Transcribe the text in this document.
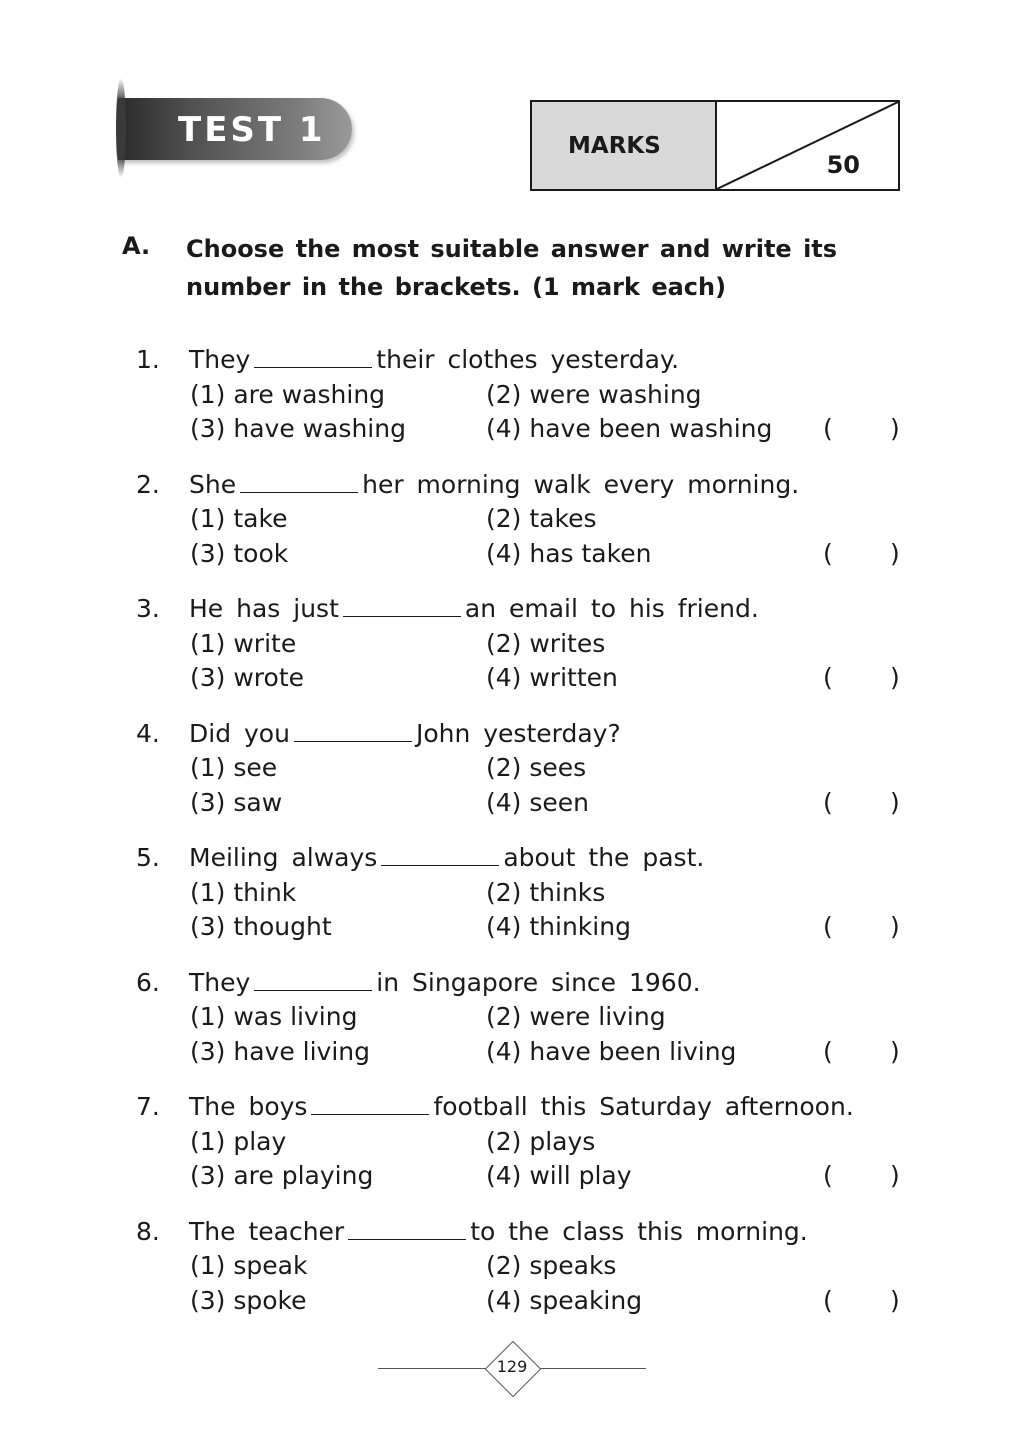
TEST 1	MARKS
50
A. Choose the most suitable answer and write its number in the brackets. (1 mark each)
1. They	their clothes yesterday.
(1) are washing	(2) were washing
(3) have washing	(4) have been washing ( )
2. She	her morning walk every morning.
(1) take	(2) takes
(3) took	(4) has taken	( )
3. He has just	an email to his friend.
(1) write	(2) writes
(3) wrote	(4) written	( )
4. Did you	John yesterday?
(1) see	(2) sees
(3) saw	(4) seen	( )
5. Meiling always	about the past.
(1) think	(2) thinks
(3) thought	(4) thinking	( )
6. They	in Singapore since 1960.
(1) was living	(2) were living
(3) have living	(4) have been living	( )
7. The boys	football this Saturday afternoon.
(1) play	(2) plays
(3) are playing	(4) will play	( )
8. The teacher	to the class this morning.
(1) speak	(2) speaks
(3) spoke	(4) speaking	( )
129
